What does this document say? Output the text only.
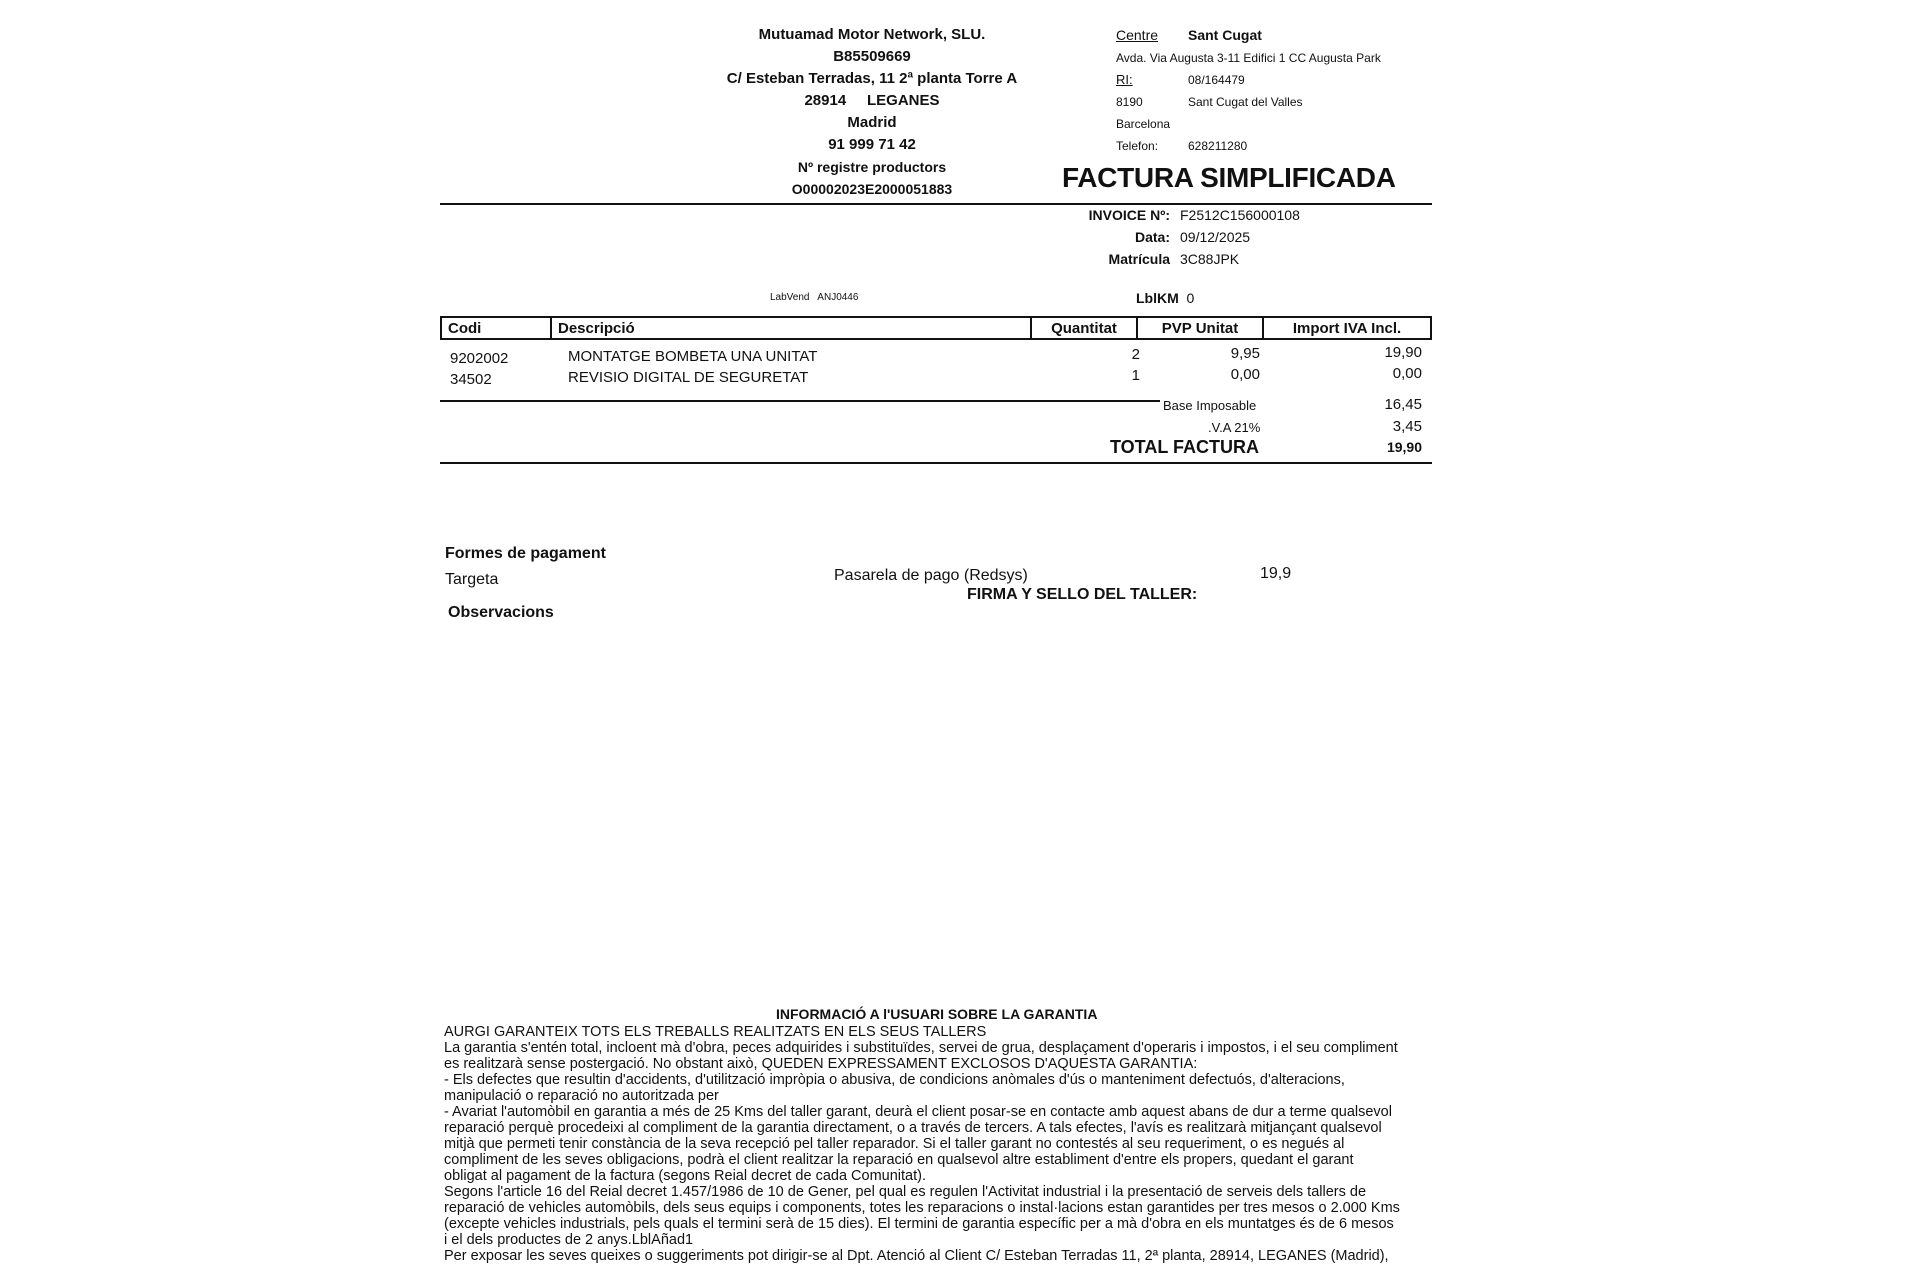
Mutuamad Motor Network, SLU.
B85509669
C/ Esteban Terradas, 11 2ª planta Torre A
28914     LEGANES
Madrid
91 999 71 42
Nº registre productors
O00002023E2000051883
Centre Sant Cugat
Avda. Via Augusta 3-11 Edifici 1 CC Augusta Park
RI:	08/164479
8190	Sant Cugat del Valles
Barcelona
Telefon: 628211280
FACTURA SIMPLIFICADA
INVOICE Nº: F2512C156000108
Data: 09/12/2025
Matrícula 3C88JPK
LabVend ANJ0446	LblKM 0
Codi	Descripció	Quantitat	PVP Unitat	Import IVA Incl.
9202002	MONTATGE BOMBETA UNA UNITAT	2	9,95	19,90
34502	REVISIO DIGITAL DE SEGURETAT	1	0,00	0,00
Base Imposable	16,45
.V.A 21%	3,45
TOTAL FACTURA	19,90
Formes de pagament
Targeta	Pasarela de pago (Redsys)	19,9
FIRMA Y SELLO DEL TALLER:
Observacions
INFORMACIÓ A l'USUARI SOBRE LA GARANTIA
AURGI GARANTEIX TOTS ELS TREBALLS REALITZATS EN ELS SEUS TALLERS
La garantia s'entén total, incloent mà d'obra, peces adquirides i substituïdes, servei de grua, desplaçament d'operaris i impostos, i el seu compliment
es realitzarà sense postergació. No obstant això, QUEDEN EXPRESSAMENT EXCLOSOS D'AQUESTA GARANTIA:
- Els defectes que resultin d'accidents, d'utilització impròpia o abusiva, de condicions anòmales d'ús o manteniment defectuós, d'alteracions,
manipulació o reparació no autoritzada per
- Avariat l'automòbil en garantia a més de 25 Kms del taller garant, deurà el client posar-se en contacte amb aquest abans de dur a terme qualsevol
reparació perquè procedeixi al compliment de la garantia directament, o a través de tercers. A tals efectes, l'avís es realitzarà mitjançant qualsevol
mitjà que permeti tenir constància de la seva recepció pel taller reparador. Si el taller garant no contestés al seu requeriment, o es negués al
compliment de les seves obligacions, podrà el client realitzar la reparació en qualsevol altre establiment d'entre els propers, quedant el garant
obligat al pagament de la factura (segons Reial decret de cada Comunitat).
Segons l'article 16 del Reial decret 1.457/1986 de 10 de Gener, pel qual es regulen l'Activitat industrial i la presentació de serveis dels tallers de
reparació de vehicles automòbils, dels seus equips i components, totes les reparacions o instal·lacions estan garantides per tres mesos o 2.000 Kms
(excepte vehicles industrials, pels quals el termini serà de 15 dies). El termini de garantia específic per a mà d'obra en els muntatges és de 6 mesos
i el dels productes de 2 anys.LblAñad1
Per exposar les seves queixes o suggeriments pot dirigir-se al Dpt. Atenció al Client C/ Esteban Terradas 11, 2ª planta, 28914, LEGANES (Madrid),
